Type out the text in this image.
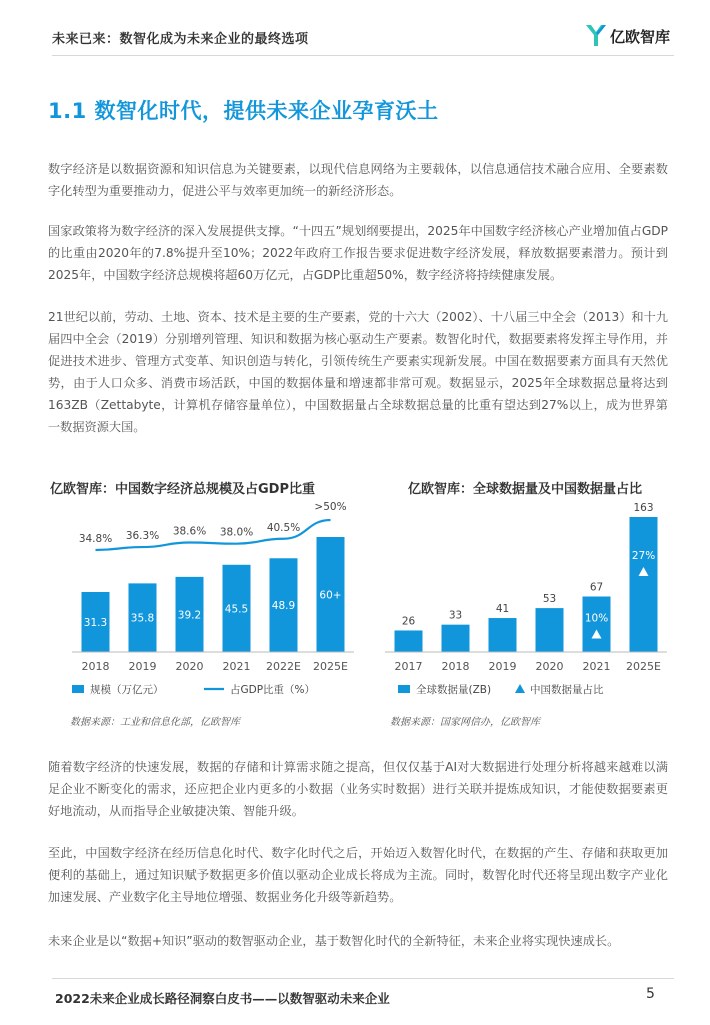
未来已来：数智化成为未来企业的最终选项	亿欧智库
1.1 数智化时代，提供未来企业孕育沃土

数字经济是以数据资源和知识信息为关键要素，以现代信息网络为主要载体，以信息通信技术融合应用、全要素数字化转型为重要推动力，促进公平与效率更加统一的新经济形态。

国家政策将为数字经济的深入发展提供支撑。“十四五”规划纲要提出，2025年中国数字经济核心产业增加值占GDP的比重由2020年的7.8%提升至10%；2022年政府工作报告要求促进数字经济发展，释放数据要素潜力。预计到2025年，中国数字经济总规模将超60万亿元，占GDP比重超50%，数字经济将持续健康发展。

21世纪以前，劳动、土地、资本、技术是主要的生产要素，党的十六大（2002）、十八届三中全会（2013）和十九届四中全会（2019）分别增列管理、知识和数据为核心驱动生产要素。数智化时代，数据要素将发挥主导作用，并促进技术进步、管理方式变革、知识创造与转化，引领传统生产要素实现新发展。中国在数据要素方面具有天然优势，由于人口众多、消费市场活跃，中国的数据体量和增速都非常可观。数据显示，2025年全球数据总量将达到163ZB（Zettabyte，计算机存储容量单位），中国数据量占全球数据总量的比重有望达到27%以上，成为世界第一数据资源大国。

亿欧智库：中国数字经济总规模及占GDP比重
31.3
2018
35.8
2019
39.2
2020
45.5
2021
48.9
2022E
60+
2025E
34.8% 36.3% 38.6% 38.0% 40.5%
>50%
规模（万亿元）	占GDP比重（%）
数据来源：工业和信息化部，亿欧智库
亿欧智库：全球数据量及中国数据量占比
26
2017
33
2018
41
2019
53
2020
67
2021
10%
163
2025E
27%
全球数据量(ZB)	中国数据量占比
数据来源：国家网信办，亿欧智库

随着数字经济的快速发展，数据的存储和计算需求随之提高，但仅仅基于AI对大数据进行处理分析将越来越难以满足企业不断变化的需求，还应把企业内更多的小数据（业务实时数据）进行关联并提炼成知识，才能使数据要素更好地流动，从而指导企业敏捷决策、智能升级。

至此，中国数字经济在经历信息化时代、数字化时代之后，开始迈入数智化时代，在数据的产生、存储和获取更加便利的基础上，通过知识赋予数据更多价值以驱动企业成长将成为主流。同时，数智化时代还将呈现出数字产业化加速发展、产业数字化主导地位增强、数据业务化升级等新趋势。

未来企业是以“数据+知识”驱动的数智驱动企业，基于数智化时代的全新特征，未来企业将实现快速成长。

2022未来企业成长路径洞察白皮书——以数智驱动未来企业	5
